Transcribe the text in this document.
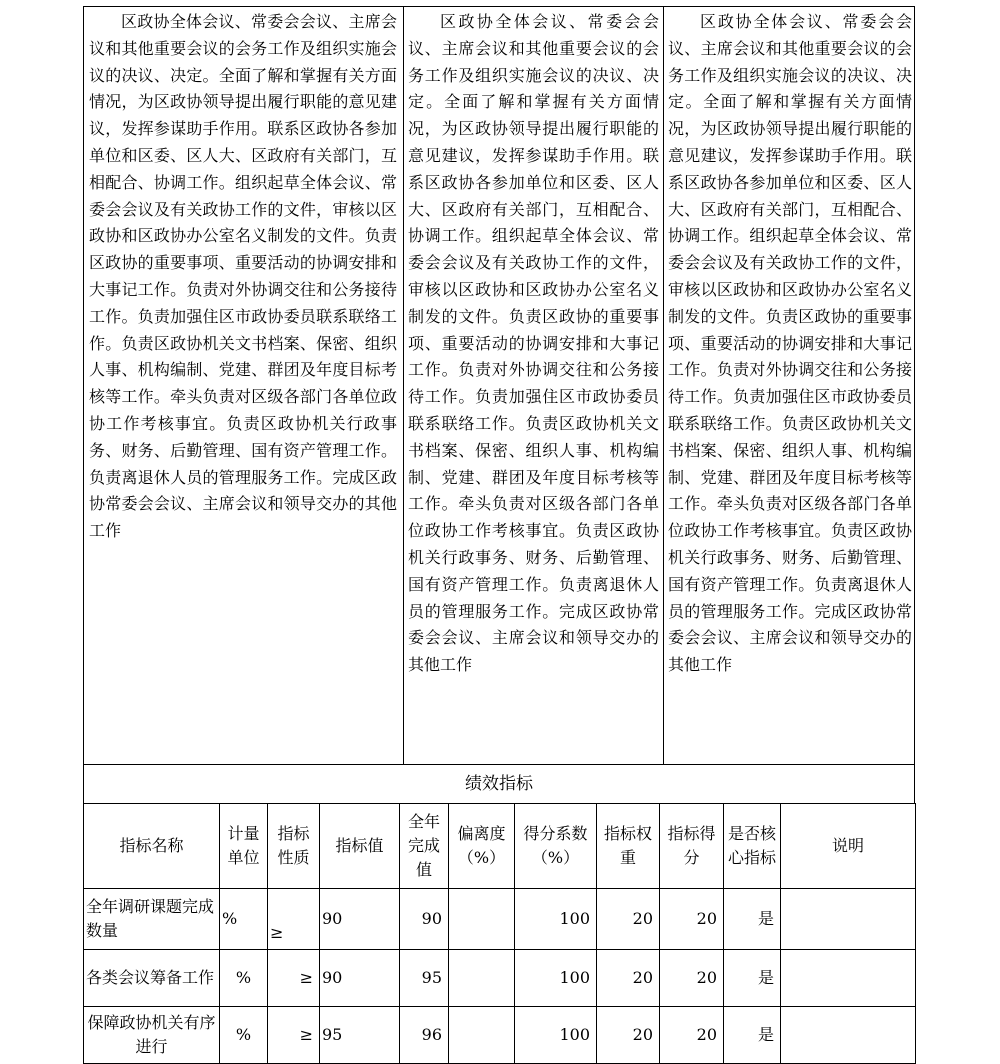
区政协全体会议、常委会会议、主席会议和其他重要会议的会务工作及组织实施会议的决议、决定。全面了解和掌握有关方面情况，为区政协领导提出履行职能的意见建议，发挥参谋助手作用。联系区政协各参加单位和区委、区人大、区政府有关部门，互相配合、协调工作。组织起草全体会议、常委会会议及有关政协工作的文件，审核以区政协和区政协办公室名义制发的文件。负责区政协的重要事项、重要活动的协调安排和大事记工作。负责对外协调交往和公务接待工作。负责加强住区市政协委员联系联络工作。负责区政协机关文书档案、保密、组织人事、机构编制、党建、群团及年度目标考核等工作。牵头负责对区级各部门各单位政协工作考核事宜。负责区政协机关行政事务、财务、后勤管理、国有资产管理工作。负责离退休人员的管理服务工作。完成区政协常委会会议、主席会议和领导交办的其他工作

区政协全体会议、常委会会议、主席会议和其他重要会议的会务工作及组织实施会议的决议、决定。全面了解和掌握有关方面情况，为区政协领导提出履行职能的意见建议，发挥参谋助手作用。联系区政协各参加单位和区委、区人大、区政府有关部门，互相配合、协调工作。组织起草全体会议、常委会会议及有关政协工作的文件，审核以区政协和区政协办公室名义制发的文件。负责区政协的重要事项、重要活动的协调安排和大事记工作。负责对外协调交往和公务接待工作。负责加强住区市政协委员联系联络工作。负责区政协机关文书档案、保密、组织人事、机构编制、党建、群团及年度目标考核等工作。牵头负责对区级各部门各单位政协工作考核事宜。负责区政协机关行政事务、财务、后勤管理、国有资产管理工作。负责离退休人员的管理服务工作。完成区政协常委会会议、主席会议和领导交办的其他工作

区政协全体会议、常委会会议、主席会议和其他重要会议的会务工作及组织实施会议的决议、决定。全面了解和掌握有关方面情况，为区政协领导提出履行职能的意见建议，发挥参谋助手作用。联系区政协各参加单位和区委、区人大、区政府有关部门，互相配合、协调工作。组织起草全体会议、常委会会议及有关政协工作的文件，审核以区政协和区政协办公室名义制发的文件。负责区政协的重要事项、重要活动的协调安排和大事记工作。负责对外协调交往和公务接待工作。负责加强住区市政协委员联系联络工作。负责区政协机关文书档案、保密、组织人事、机构编制、党建、群团及年度目标考核等工作。牵头负责对区级各部门各单位政协工作考核事宜。负责区政协机关行政事务、财务、后勤管理、国有资产管理工作。负责离退休人员的管理服务工作。完成区政协常委会会议、主席会议和领导交办的其他工作

绩效指标
指标名称	计量单位	指标性质	指标值	全年完成值	偏离度（%）	得分系数（%）	指标权重	指标得分	是否核心指标	说明
全年调研课题完成数量	%	≥	90	90		100	20	20	是	
各类会议筹备工作	%	≥	90	95		100	20	20	是	
保障政协机关有序进行	%	≥	95	96		100	20	20	是	
